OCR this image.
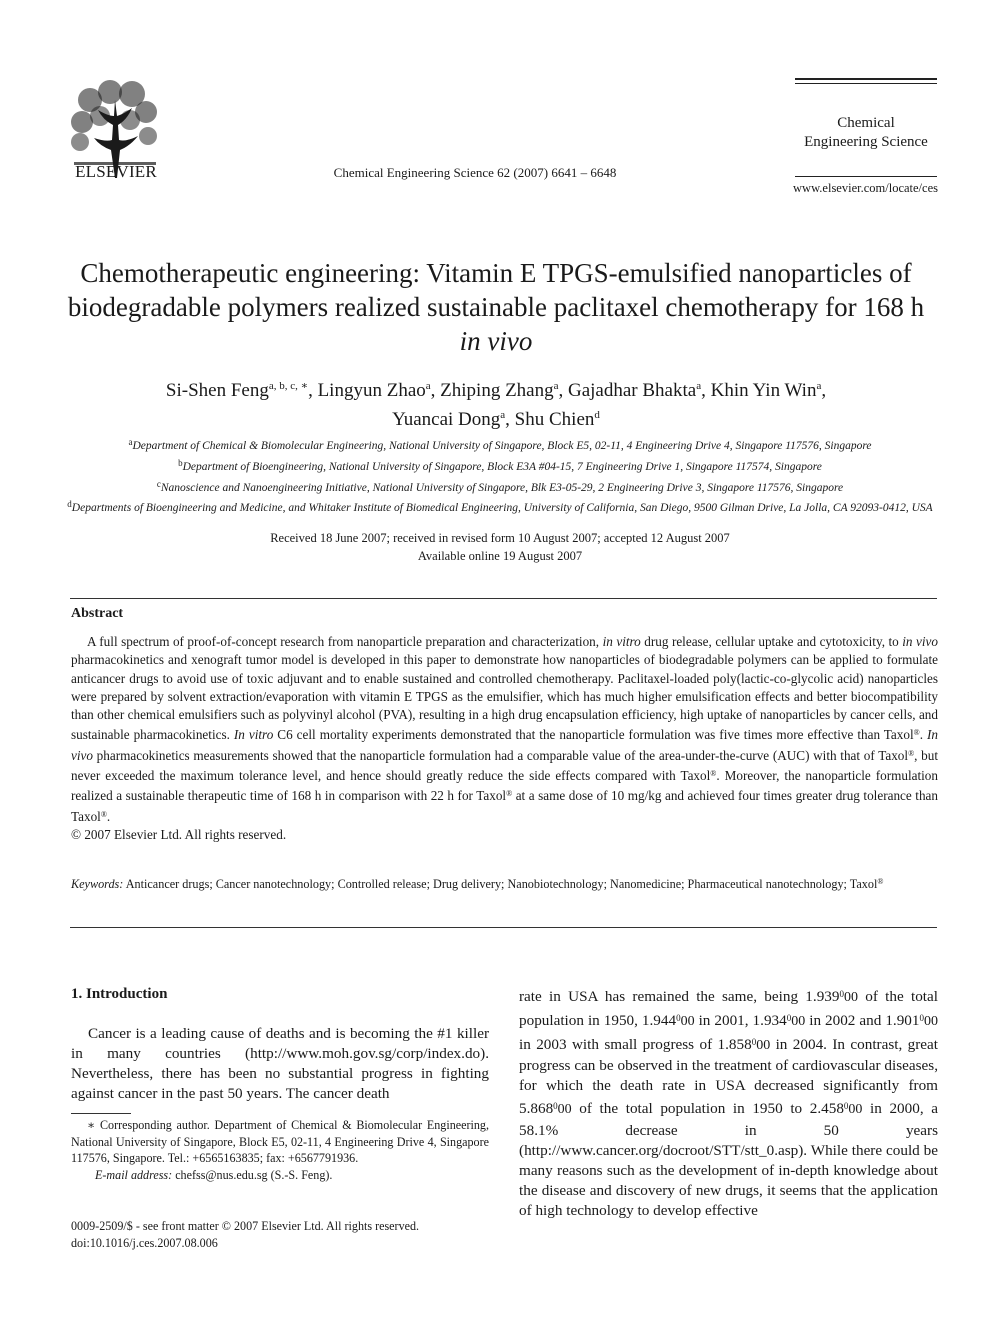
ELSEVIER	Chemical Engineering Science 62 (2007) 6641 – 6648
Chemical
Engineering Science
www.elsevier.com/locate/ces
Chemotherapeutic engineering: Vitamin E TPGS-emulsified nanoparticles of biodegradable polymers realized sustainable paclitaxel chemotherapy for 168 h in vivo
Si-Shen Feng$^{a, b, c, ∗}$, Lingyun Zhao$^a$, Zhiping Zhang$^a$, Gajadhar Bhakta$^a$, Khin Yin Win$^a$,
Yuancai Dong$^a$, Shu Chien$^d$
$^a$Department of Chemical & Biomolecular Engineering, National University of Singapore, Block E5, 02-11, 4 Engineering Drive 4, Singapore 117576, Singapore
$^b$Department of Bioengineering, National University of Singapore, Block E3A #04-15, 7 Engineering Drive 1, Singapore 117574, Singapore
$^c$Nanoscience and Nanoengineering Initiative, National University of Singapore, Blk E3-05-29, 2 Engineering Drive 3, Singapore 117576, Singapore
$^d$Departments of Bioengineering and Medicine, and Whitaker Institute of Biomedical Engineering, University of California, San Diego, 9500 Gilman Drive, La Jolla, CA 92093-0412, USA
Received 18 June 2007; received in revised form 10 August 2007; accepted 12 August 2007
Available online 19 August 2007
Abstract

A full spectrum of proof-of-concept research from nanoparticle preparation and characterization, in vitro drug release, cellular uptake and cytotoxicity, to in vivo pharmacokinetics and xenograft tumor model is developed in this paper to demonstrate how nanoparticles of biodegradable polymers can be applied to formulate anticancer drugs to avoid use of toxic adjuvant and to enable sustained and controlled chemotherapy. Paclitaxel-loaded poly(lactic-co-glycolic acid) nanoparticles were prepared by solvent extraction/evaporation with vitamin E TPGS as the emulsifier, which has much higher emulsification effects and better biocompatibility than other chemical emulsifiers such as polyvinyl alcohol (PVA), resulting in a high drug encapsulation efficiency, high uptake of nanoparticles by cancer cells, and sustainable pharmacokinetics. In vitro C6 cell mortality experiments demonstrated that the nanoparticle formulation was five times more effective than Taxol®. In vivo pharmacokinetics measurements showed that the nanoparticle formulation had a comparable value of the area-under-the-curve (AUC) with that of Taxol®, but never exceeded the maximum tolerance level, and hence should greatly reduce the side effects compared with Taxol®. Moreover, the nanoparticle formulation realized a sustainable therapeutic time of 168 h in comparison with 22 h for Taxol® at a same dose of 10 mg/kg and achieved four times greater drug tolerance than Taxol®.

© 2007 Elsevier Ltd. All rights reserved.
Keywords: Anticancer drugs; Cancer nanotechnology; Controlled release; Drug delivery; Nanobiotechnology; Nanomedicine; Pharmaceutical nanotechnology; Taxol®
1. Introduction

Cancer is a leading cause of deaths and is becoming the #1 killer in many countries (http://www.moh.gov.sg/corp/index.do). Nevertheless, there has been no substantial progress in fighting against cancer in the past 50 years. The cancer death

rate in USA has remained the same, being 1.939$^0$00 of the total population in 1950, 1.944$^0$00 in 2001, 1.934$^0$00 in 2002 and 1.901$^0$00 in 2003 with small progress of 1.858$^0$00 in 2004. In contrast, great progress can be observed in the treatment of cardiovascular diseases, for which the death rate in USA decreased significantly from 5.868$^0$00 of the total population in 1950 to 2.458$^0$00 in 2000, a 58.1% decrease in 50 years (http://www.cancer.org/docroot/STT/stt_0.asp). While there could be many reasons such as the development of in-depth knowledge about the disease and discovery of new drugs, it seems that the application of high technology to develop effective
∗ Corresponding author. Department of Chemical & Biomolecular Engineering, National University of Singapore, Block E5, 02-11, 4 Engineering Drive 4, Singapore 117576, Singapore. Tel.: +6565163835; fax: +6567791936.
E-mail address: chefss@nus.edu.sg (S.-S. Feng).
0009-2509/$ - see front matter © 2007 Elsevier Ltd. All rights reserved.
doi:10.1016/j.ces.2007.08.006
